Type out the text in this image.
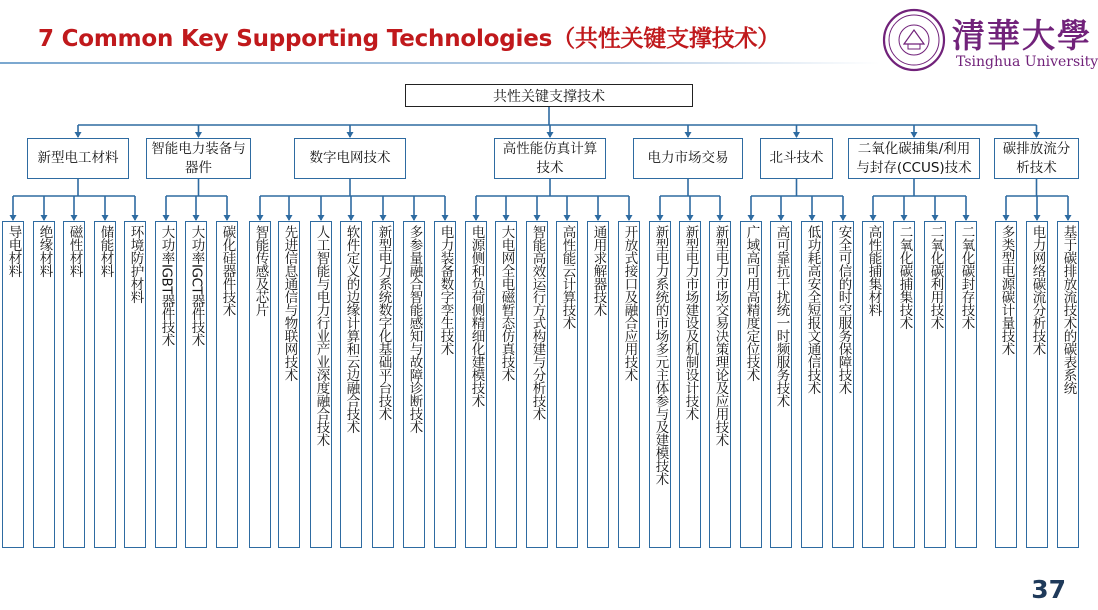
7 Common Key Supporting Technologies（共性关键支撑技术）	清華大學
Tsinghua University
共性关键支撑技术
新型电工材料
导电材料 绝缘材料 磁性材料 储能材料 环境防护材料
智能电力装备与器件
大功率IGBT器件技术 大功率IGCT器件技术 碳化硅器件技术
数字电网技术
智能传感及芯片 先进信息通信与物联网技术 人工智能与电力行业产业深度融合技术 软件定义的边缘计算和云边融合技术 新型电力系统数字化基础平台技术 多参量融合智能感知与故障诊断技术 电力装备数字孪生技术
高性能仿真计算技术
电源侧和负荷侧精细化建模技术 大电网全电磁暂态仿真技术 智能高效运行方式构建与分析技术 高性能云计算技术 通用求解器技术 开放式接口及融合应用技术
电力市场交易
新型电力系统的市场多元主体参与及建模技术 新型电力市场建设及机制设计技术 新型电力市场交易决策理论及应用技术
北斗技术
广域高可用高精度定位技术 高可靠抗干扰统一时频服务技术 低功耗高安全短报文通信技术 安全可信的时空服务保障技术
二氧化碳捕集/利用与封存(CCUS)技术
高性能捕集材料 二氧化碳捕集技术 二氧化碳利用技术 二氧化碳封存技术
碳排放流分析技术
多类型电源碳计量技术 电力网络碳流分析技术 基于碳排放流技术的碳表系统
37
